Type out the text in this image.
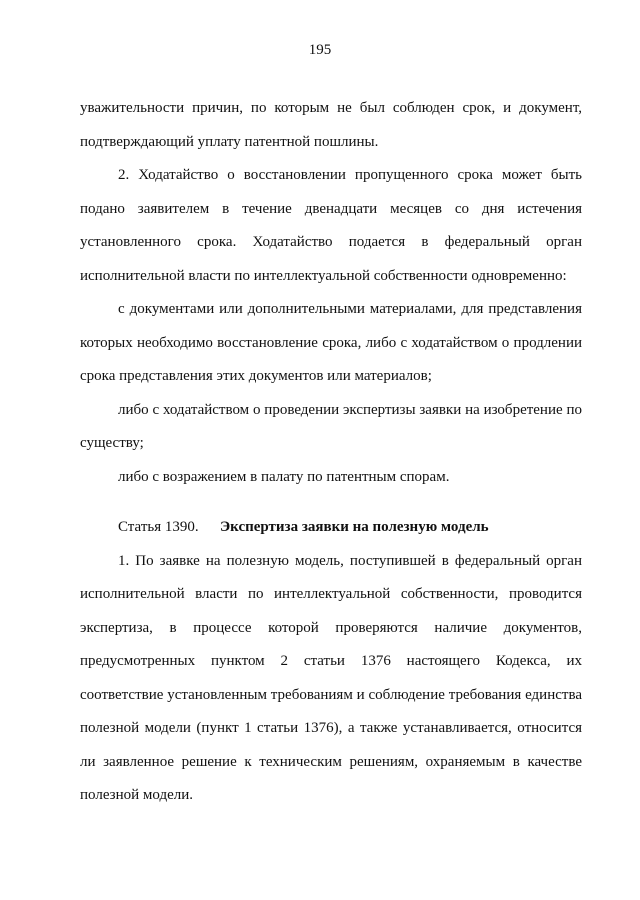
195

уважительности причин, по которым не был соблюден срок, и документ, подтверждающий уплату патентной пошлины.

2. Ходатайство о восстановлении пропущенного срока может быть подано заявителем в течение двенадцати месяцев со дня истечения установленного срока. Ходатайство подается в федеральный орган исполнительной власти по интеллектуальной собственности одновременно:

с документами или дополнительными материалами, для представления которых необходимо восстановление срока, либо с ходатайством о продлении срока представления этих документов или материалов;

либо с ходатайством о проведении экспертизы заявки на изобретение по существу;

либо с возражением в палату по патентным спорам.

Статья 1390. Экспертиза заявки на полезную модель

1. По заявке на полезную модель, поступившей в федеральный орган исполнительной власти по интеллектуальной собственности, проводится экспертиза, в процессе которой проверяются наличие документов, предусмотренных пунктом 2 статьи 1376 настоящего Кодекса, их соответствие установленным требованиям и соблюдение требования единства полезной модели (пункт 1 статьи 1376), а также устанавливается, относится ли заявленное решение к техническим решениям, охраняемым в качестве полезной модели.
